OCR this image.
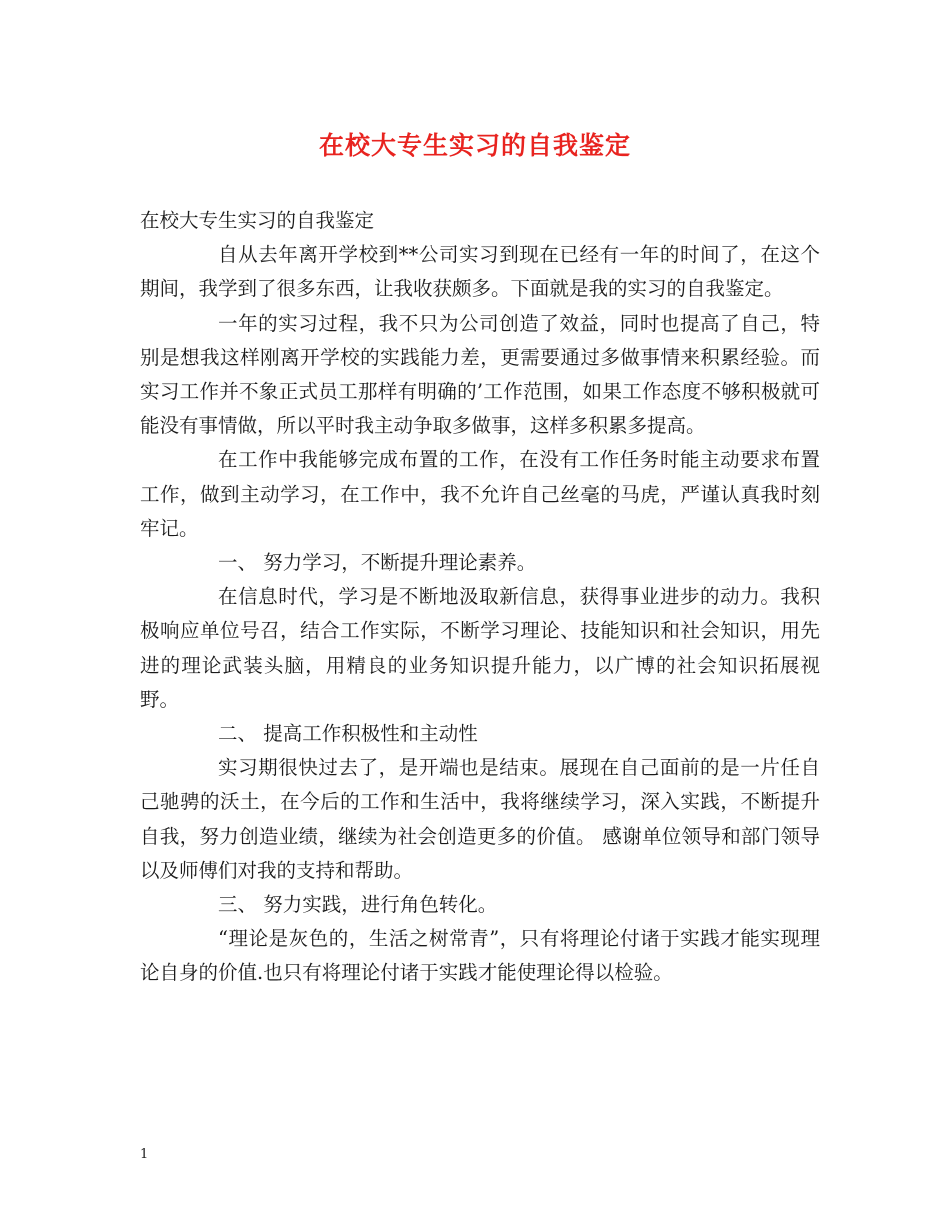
在校大专生实习的自我鉴定

在校大专生实习的自我鉴定

自从去年离开学校到**公司实习到现在已经有一年的时间了，在这个期间，我学到了很多东西，让我收获颇多。下面就是我的实习的自我鉴定。

一年的实习过程，我不只为公司创造了效益，同时也提高了自己，特别是想我这样刚离开学校的实践能力差，更需要通过多做事情来积累经验。而实习工作并不象正式员工那样有明确的’工作范围，如果工作态度不够积极就可能没有事情做，所以平时我主动争取多做事，这样多积累多提高。

在工作中我能够完成布置的工作，在没有工作任务时能主动要求布置工作，做到主动学习，在工作中，我不允许自己丝毫的马虎，严谨认真我时刻牢记。

一、 努力学习，不断提升理论素养。

在信息时代，学习是不断地汲取新信息，获得事业进步的动力。我积极响应单位号召，结合工作实际，不断学习理论、技能知识和社会知识，用先进的理论武装头脑，用精良的业务知识提升能力，以广博的社会知识拓展视野。

二、 提高工作积极性和主动性

实习期很快过去了，是开端也是结束。展现在自己面前的是一片任自己驰骋的沃土，在今后的工作和生活中，我将继续学习，深入实践，不断提升自我，努力创造业绩，继续为社会创造更多的价值。 感谢单位领导和部门领导以及师傅们对我的支持和帮助。

三、 努力实践，进行角色转化。

“理论是灰色的，生活之树常青”，只有将理论付诸于实践才能实现理论自身的价值.也只有将理论付诸于实践才能使理论得以检验。

1
